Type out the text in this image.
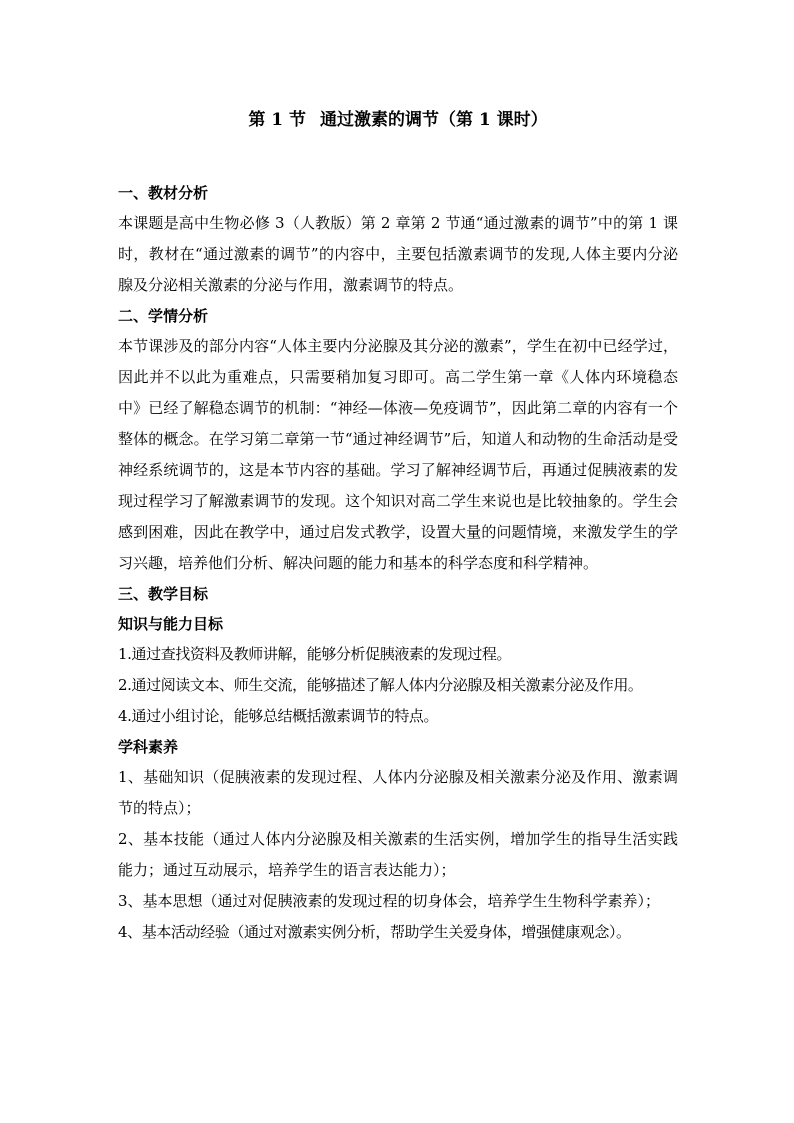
第 1 节 通过激素的调节（第 1 课时）

一、教材分析

本课题是高中生物必修 3（人教版）第 2 章第 2 节通“通过激素的调节”中的第 1 课时，教材在“通过激素的调节”的内容中，主要包括激素调节的发现,人体主要内分泌腺及分泌相关激素的分泌与作用，激素调节的特点。

二、学情分析

本节课涉及的部分内容“人体主要内分泌腺及其分泌的激素”，学生在初中已经学过，因此并不以此为重难点，只需要稍加复习即可。高二学生第一章《人体内环境稳态中》已经了解稳态调节的机制：“神经—体液—免疫调节”，因此第二章的内容有一个整体的概念。在学习第二章第一节“通过神经调节”后，知道人和动物的生命活动是受神经系统调节的，这是本节内容的基础。学习了解神经调节后，再通过促胰液素的发现过程学习了解激素调节的发现。这个知识对高二学生来说也是比较抽象的。学生会感到困难，因此在教学中，通过启发式教学，设置大量的问题情境，来激发学生的学习兴趣，培养他们分析、解决问题的能力和基本的科学态度和科学精神。

三、教学目标

知识与能力目标

1.通过查找资料及教师讲解，能够分析促胰液素的发现过程。

2.通过阅读文本、师生交流，能够描述了解人体内分泌腺及相关激素分泌及作用。

4.通过小组讨论，能够总结概括激素调节的特点。

学科素养

1、基础知识（促胰液素的发现过程、人体内分泌腺及相关激素分泌及作用、激素调节的特点）；

2、基本技能（通过人体内分泌腺及相关激素的生活实例，增加学生的指导生活实践能力；通过互动展示，培养学生的语言表达能力）；

3、基本思想（通过对促胰液素的发现过程的切身体会，培养学生生物科学素养）；

4、基本活动经验（通过对激素实例分析，帮助学生关爱身体，增强健康观念）。
